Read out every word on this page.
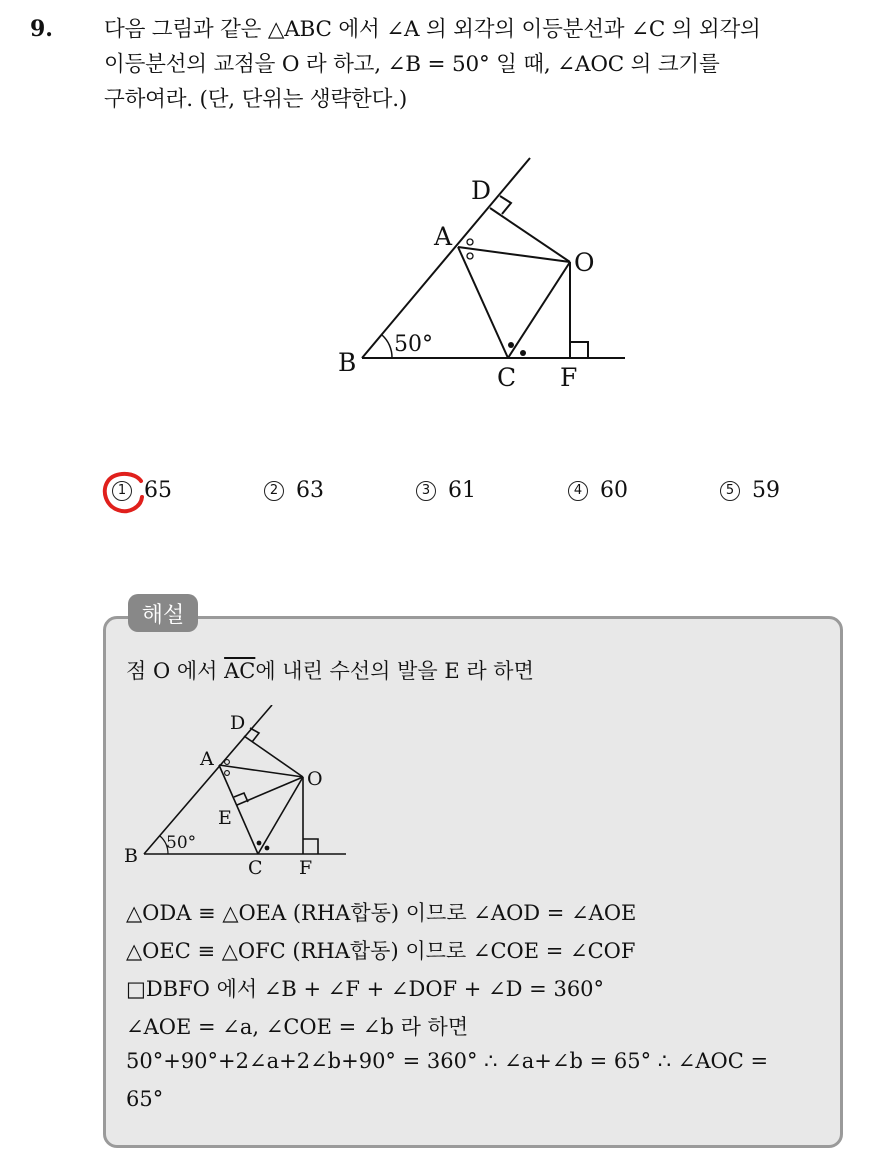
9. 다음 그림과 같은 △ABC 에서 ∠A 의 외각의 이등분선과 ∠C 의 외각의
이등분선의 교점을 O 라 하고, ∠B = 50° 일 때, ∠AOC 의 크기를
구하여라. (단, 단위는 생략한다.)
A
B
C
D
F
O
50°
1 65	2 63	3 61	4 60	5 59
해설
점 O 에서 $\overline{AC}$에 내린 수선의 발을 E 라 하면
A
B
C
D
E
F
O
50°
△ODA ≡ △OEA (RHA합동) 이므로 ∠AOD = ∠AOE
△OEC ≡ △OFC (RHA합동) 이므로 ∠COE = ∠COF
□DBFO 에서 ∠B + ∠F + ∠DOF + ∠D = 360°
∠AOE = ∠a, ∠COE = ∠b 라 하면
50°+90°+2∠a+2∠b+90° = 360° ∴ ∠a+∠b = 65° ∴ ∠AOC =
65°
